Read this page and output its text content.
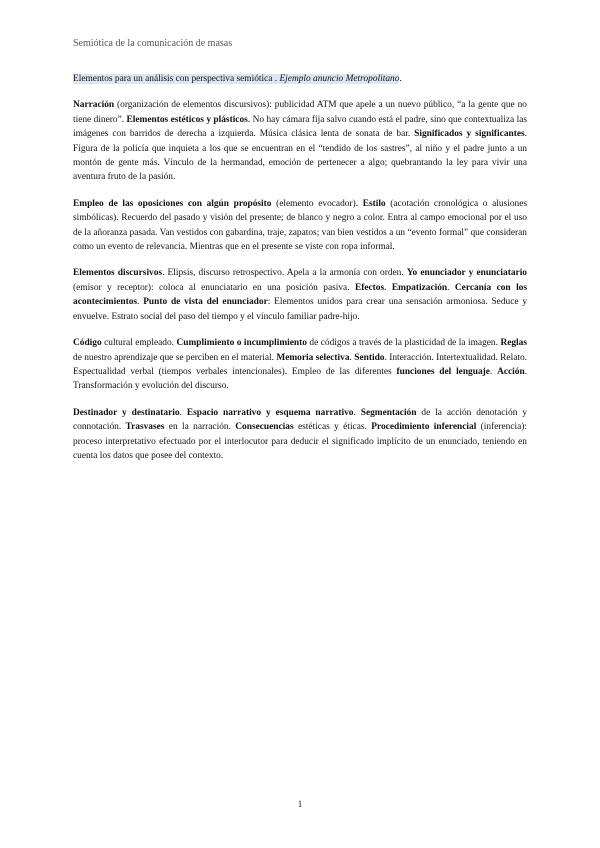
Semiótica de la comunicación de masas

Elementos para un análisis con perspectiva semiótica . Ejemplo anuncio Metropolitano.

Narración (organización de elementos discursivos): publicidad ATM que apele a un nuevo público, “a la gente que no tiene dinero”. Elementos estéticos y plásticos. No hay cámara fija salvo cuando está el padre, sino que contextualiza las imágenes con barridos de derecha a izquierda. Música clásica lenta de sonata de bar. Significados y significantes. Figura de la policía que inquieta a los que se encuentran en el “tendido de los sastres”, al niño y el padre junto a un montón de gente más. Vínculo de la hermandad, emoción de pertenecer a algo; quebrantando la ley para vivir una aventura fruto de la pasión.

Empleo de las oposiciones con algún propósito (elemento evocador). Estilo (acotación cronológica o alusiones simbólicas). Recuerdo del pasado y visión del presente; de blanco y negro a color. Entra al campo emocional por el uso de la añoranza pasada. Van vestidos con gabardina, traje, zapatos; van bien vestidos a un “evento formal” que consideran como un evento de relevancia. Mientras que en el presente se viste con ropa informal.

Elementos discursivos. Elipsis, discurso retrospectivo. Apela a la armonía con orden. Yo enunciador y enunciatario (emisor y receptor): coloca al enunciatario en una posición pasiva. Efectos. Empatización. Cercanía con los acontecimientos. Punto de vista del enunciador: Elementos unidos para crear una sensación armoniosa. Seduce y envuelve. Estrato social del paso del tiempo y el vínculo familiar padre-hijo.

Código cultural empleado. Cumplimiento o incumplimiento de códigos a través de la plasticidad de la imagen. Reglas de nuestro aprendizaje que se perciben en el material. Memoria selectiva. Sentido. Interacción. Intertextualidad. Relato. Espectualidad verbal (tiempos verbales intencionales). Empleo de las diferentes funciones del lenguaje. Acción. Transformación y evolución del discurso.

Destinador y destinatario. Espacio narrativo y esquema narrativo. Segmentación de la acción denotación y connotación. Trasvases en la narración. Consecuencias estéticas y éticas. Procedimiento inferencial (inferencia): proceso interpretativo efectuado por el interlocutor para deducir el significado implícito de un enunciado, teniendo en cuenta los datos que posee del contexto.

1
